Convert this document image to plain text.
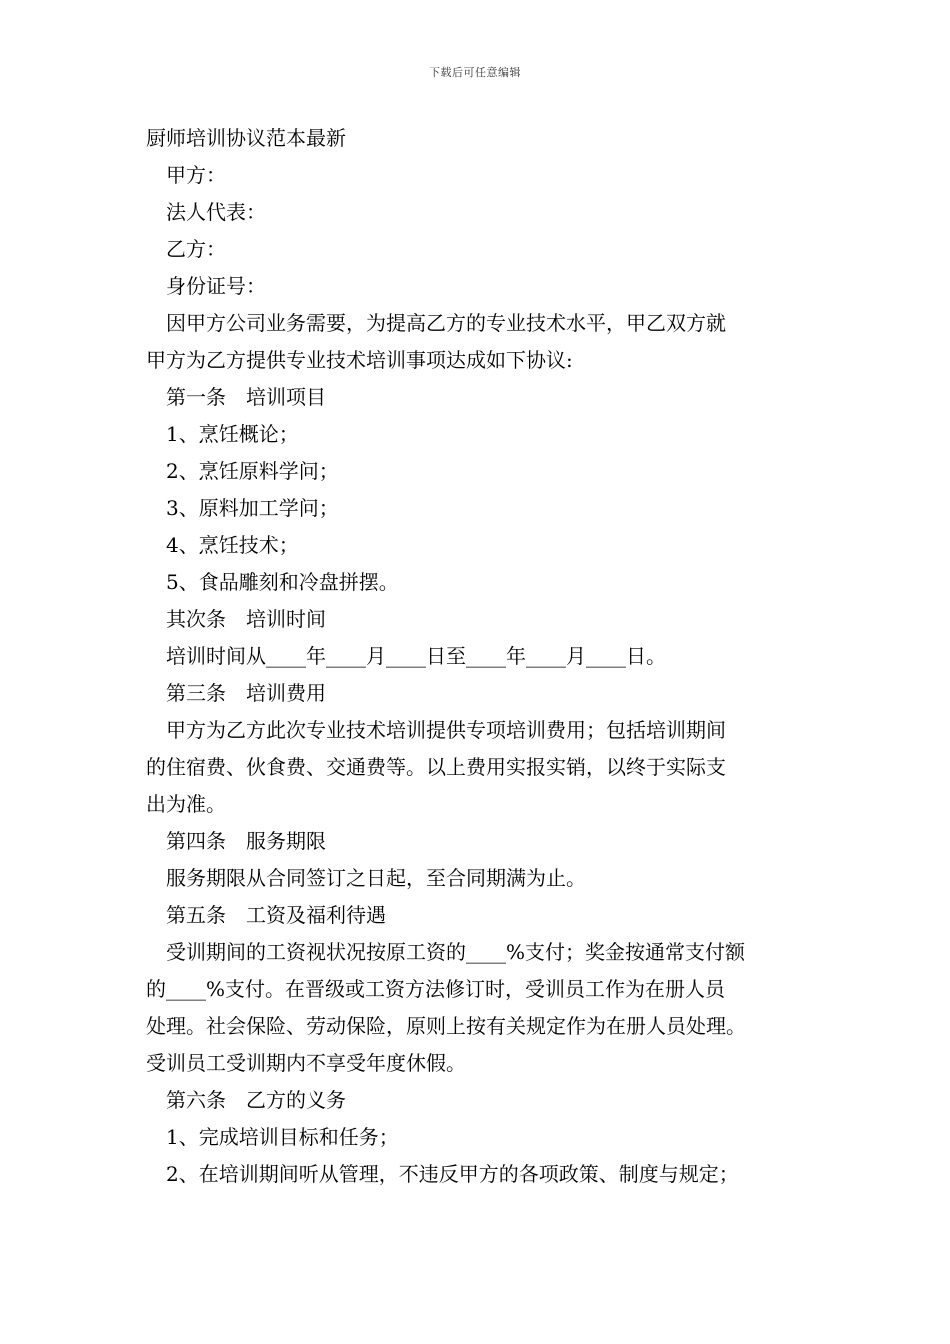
下载后可任意编辑

厨师培训协议范本最新

甲方：

法人代表：

乙方：

身份证号：

因甲方公司业务需要，为提高乙方的专业技术水平，甲乙双方就

甲方为乙方提供专业技术培训事项达成如下协议:

第一条　培训项目

1、烹饪概论；

2、烹饪原料学问；

3、原料加工学问；

4、烹饪技术；

5、食品雕刻和冷盘拼摆。

其次条　培训时间

培训时间从____年____月____日至____年____月____日。

第三条　培训费用

甲方为乙方此次专业技术培训提供专项培训费用；包括培训期间

的住宿费、伙食费、交通费等。以上费用实报实销，以终于实际支

出为准。

第四条　服务期限

服务期限从合同签订之日起，至合同期满为止。

第五条　工资及福利待遇

受训期间的工资视状况按原工资的____%支付；奖金按通常支付额

的____%支付。在晋级或工资方法修订时，受训员工作为在册人员

处理。社会保险、劳动保险，原则上按有关规定作为在册人员处理。

受训员工受训期内不享受年度休假。

第六条　乙方的义务

1、完成培训目标和任务；

2、在培训期间听从管理，不违反甲方的各项政策、制度与规定；
